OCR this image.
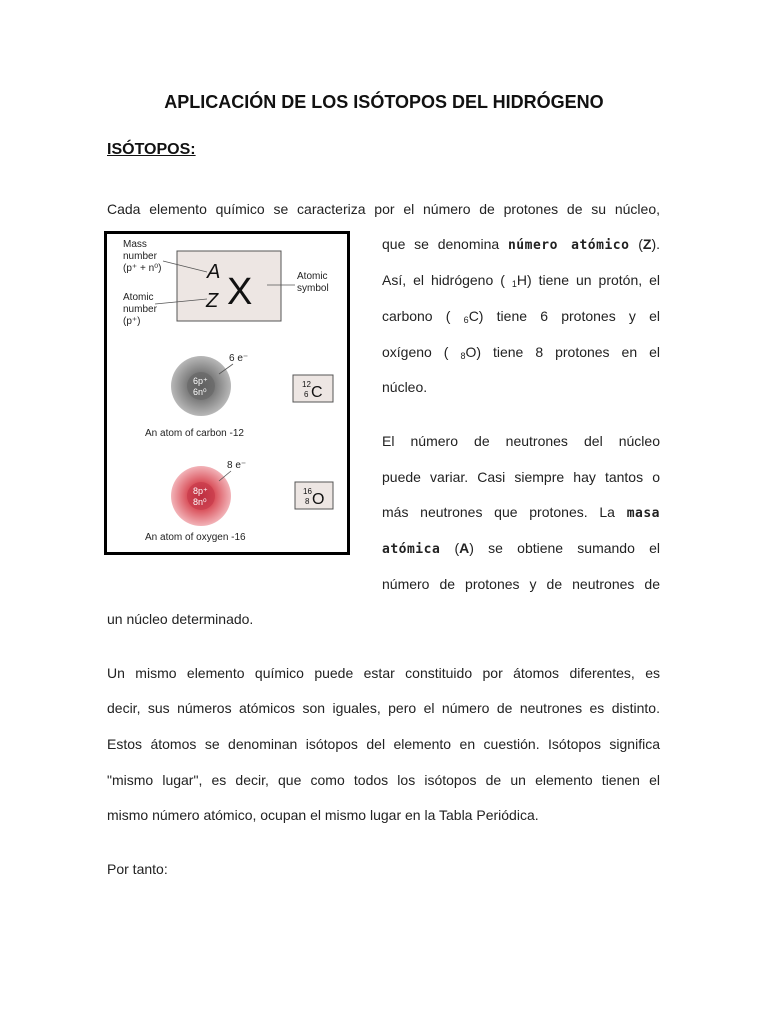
APLICACIÓN DE LOS ISÓTOPOS DEL HIDRÓGENO
ISÓTOPOS:

Cada elemento químico se caracteriza por el número de protones de su núcleo,

A
Z X
Mass number (p⁺ + n⁰)
Atomic number (p⁺)
Atomic symbol
6p⁺
6n⁰
6 e⁻
12
6 C
An atom of carbon -12
8p⁺
8n⁰
8 e⁻
16
8 O
An atom of oxygen -16

que se denomina número atómico (Z).

Así, el hidrógeno ( $_1$H) tiene un protón, el

carbono ( $_6$C) tiene 6 protones y el

oxígeno ( $_8$O) tiene 8 protones en el

núcleo.

El número de neutrones del núcleo

puede variar. Casi siempre hay tantos o

más neutrones que protones. La masa

atómica (A) se obtiene sumando el

número de protones y de neutrones de

un núcleo determinado.

Un mismo elemento químico puede estar constituido por átomos diferentes, es

decir, sus números atómicos son iguales, pero el número de neutrones es distinto.

Estos átomos se denominan isótopos del elemento en cuestión. Isótopos significa

"mismo lugar", es decir, que como todos los isótopos de un elemento tienen el

mismo número atómico, ocupan el mismo lugar en la Tabla Periódica.

Por tanto:
